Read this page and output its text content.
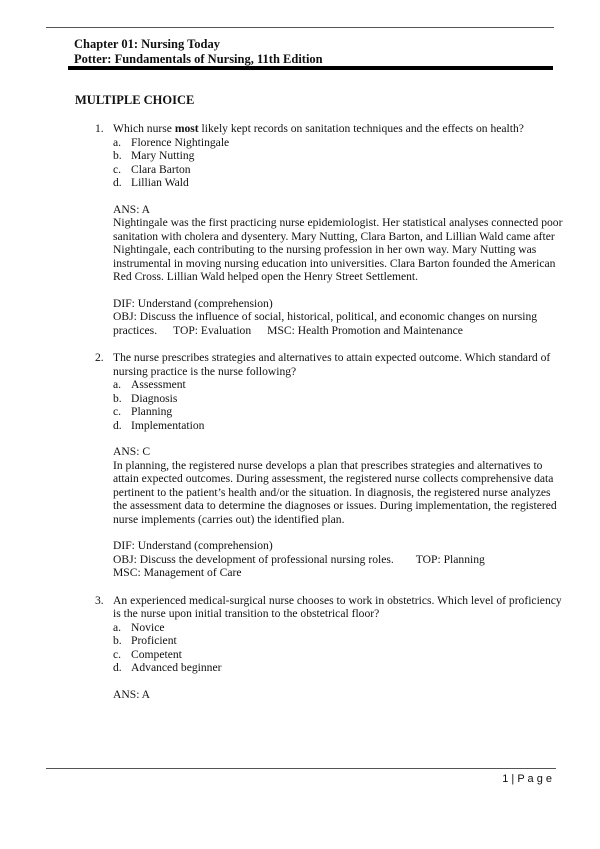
Chapter 01: Nursing Today
Potter: Fundamentals of Nursing, 11th Edition
MULTIPLE CHOICE
1. Which nurse most likely kept records on sanitation techniques and the effects on health?
a. Florence Nightingale
b. Mary Nutting
c. Clara Barton
d. Lillian Wald
ANS: A
Nightingale was the first practicing nurse epidemiologist. Her statistical analyses connected poor sanitation with cholera and dysentery. Mary Nutting, Clara Barton, and Lillian Wald came after Nightingale, each contributing to the nursing profession in her own way. Mary Nutting was instrumental in moving nursing education into universities. Clara Barton founded the American Red Cross. Lillian Wald helped open the Henry Street Settlement.
DIF: Understand (comprehension)
OBJ: Discuss the influence of social, historical, political, and economic changes on nursing practices. TOP: Evaluation MSC: Health Promotion and Maintenance
2. The nurse prescribes strategies and alternatives to attain expected outcome. Which standard of nursing practice is the nurse following?
a. Assessment
b. Diagnosis
c. Planning
d. Implementation
ANS: C
In planning, the registered nurse develops a plan that prescribes strategies and alternatives to attain expected outcomes. During assessment, the registered nurse collects comprehensive data pertinent to the patient’s health and/or the situation. In diagnosis, the registered nurse analyzes the assessment data to determine the diagnoses or issues. During implementation, the registered nurse implements (carries out) the identified plan.
DIF: Understand (comprehension)
OBJ: Discuss the development of professional nursing roles. TOP: Planning
MSC: Management of Care
3. An experienced medical-surgical nurse chooses to work in obstetrics. Which level of proficiency is the nurse upon initial transition to the obstetrical floor?
a. Novice
b. Proficient
c. Competent
d. Advanced beginner
ANS: A
1 | P a g e
